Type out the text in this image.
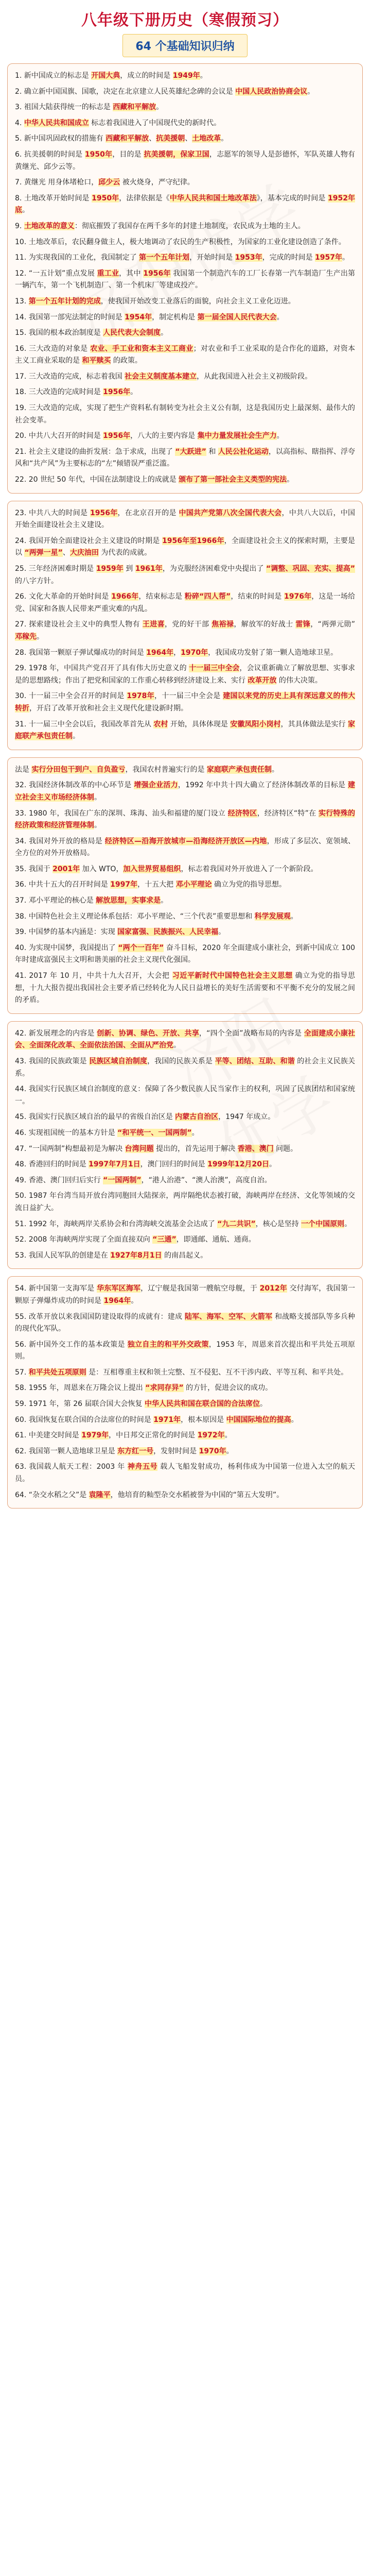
八年级下册历史（寒假预习）
64 个基础知识归纳
1. 新中国成立的标志是 开国大典，成立的时间是 1949年。
2. 确立新中国国旗、国歌，决定在北京建立人民英雄纪念碑的会议是 中国人民政治协商会议。
3. 祖国大陆获得统一的标志是 西藏和平解放。
4. 中华人民共和国成立 标志着我国进入了中国现代史的新时代。
5. 新中国巩固政权的措施有 西藏和平解放、抗美援朝、土地改革。
6. 抗美援朝的时间是 1950年，目的是 抗美援朝，保家卫国，志愿军的领导人是彭德怀，军队英雄人物有黄继光、邱少云等。
7. 黄继光 用身体堵枪口，邱少云 被火烧身，严守纪律。
8. 土地改革开始时间是 1950年，法律依据是《中华人民共和国土地改革法》，基本完成的时间是 1952年底。
9. 土地改革的意义：彻底摧毁了我国存在两千多年的封建土地制度，农民成为土地的主人。
10. 土地改革后，农民翻身做主人，极大地调动了农民的生产积极性，为国家的工业化建设创造了条件。
11. 为实现我国的工业化，我国制定了 第一个五年计划，开始时间是 1953年，完成的时间是 1957年。
12. “一五计划”重点发展 重工业，其中 1956年 我国第一个制造汽车的工厂长春第一汽车制造厂生产出第一辆汽车，第一个飞机制造厂、第一个机床厂等建成投产。
13. 第一个五年计划的完成，使我国开始改变工业落后的面貌，向社会主义工业化迈进。
14. 我国第一部宪法制定的时间是 1954年，制定机构是 第一届全国人民代表大会。
15. 我国的根本政治制度是 人民代表大会制度。
16. 三大改造的对象是 农业、手工业和资本主义工商业；对农业和手工业采取的是合作化的道路，对资本主义工商业采取的是 和平赎买 的政策。
17. 三大改造的完成，标志着我国 社会主义制度基本建立，从此我国进入社会主义初级阶段。
18. 三大改造的完成时间是 1956年。
19. 三大改造的完成，实现了把生产资料私有制转变为社会主义公有制，这是我国历史上最深刻、最伟大的社会变革。
20. 中共八大召开的时间是 1956年，八大的主要内容是 集中力量发展社会生产力。
21. 社会主义建设的曲折发展：急于求成，出现了 “大跃进” 和 人民公社化运动，以高指标、瞎指挥、浮夸风和“共产风”为主要标志的“左”倾错误严重泛滥。
22. 20 世纪 50 年代，中国在法制建设上的成就是 颁布了第一部社会主义类型的宪法。
23. 中共八大的时间是 1956年，在北京召开的是 中国共产党第八次全国代表大会，中共八大以后，中国开始全面建设社会主义建设。
24. 我国开始全面建设社会主义建设的时期是 1956年至1966年，全面建设社会主义的探索时期，主要是以 “两弹一星”、大庆油田 为代表的成就。
25. 三年经济困难时期是 1959年 到 1961年，为克服经济困难党中央提出了 “调整、巩固、充实、提高” 的八字方针。
26. 文化大革命的开始时间是 1966年，结束标志是 粉碎“四人帮”，结束的时间是 1976年，这是一场给党、国家和各族人民带来严重灾难的内乱。
27. 探索建设社会主义中的典型人物有 王进喜，党的好干部 焦裕禄，解放军的好战士 雷锋，“两弹元勋” 邓稼先。
28. 我国第一颗原子弹试爆成功的时间是 1964年，1970年，我国成功发射了第一颗人造地球卫星。
29. 1978 年，中国共产党召开了具有伟大历史意义的 十一届三中全会，会议重新确立了解放思想、实事求是的思想路线；作出了把党和国家的工作重心转移到经济建设上来、实行 改革开放 的伟大决策。
30. 十一届三中全会召开的时间是 1978年，十一届三中全会是 建国以来党的历史上具有深远意义的伟大转折，开启了改革开放和社会主义现代化建设新时期。
31. 十一届三中全会以后，我国改革首先从 农村 开始，具体体现是 安徽凤阳小岗村，其具体做法是实行 家庭联产承包责任制。
法是 实行分田包干到户、自负盈亏，我国农村普遍实行的是 家庭联产承包责任制。
32. 我国经济体制改革的中心环节是 增强企业活力，1992 年中共十四大确立了经济体制改革的目标是 建立社会主义市场经济体制。
33. 1980 年，我国在广东的深圳、珠海、汕头和福建的厦门设立 经济特区，经济特区“特”在 实行特殊的经济政策和经济管理体制。
34. 我国对外开放的格局是 经济特区—沿海开放城市—沿海经济开放区—内地，形成了多层次、宽领域、全方位的对外开放格局。
35. 我国于 2001年 加入 WTO，加入世界贸易组织，标志着我国对外开放进入了一个新阶段。
36. 中共十五大的召开时间是 1997年，十五大把 邓小平理论 确立为党的指导思想。
37. 邓小平理论的核心是 解放思想，实事求是。
38. 中国特色社会主义理论体系包括：邓小平理论、“三个代表”重要思想和 科学发展观。
39. 中国梦的基本内涵是：实现 国家富强、民族振兴、人民幸福。
40. 为实现中国梦，我国提出了 “两个一百年” 奋斗目标，2020 年全面建成小康社会，到新中国成立 100 年时建成富强民主文明和谐美丽的社会主义现代化强国。
41. 2017 年 10 月，中共十九大召开，大会把 习近平新时代中国特色社会主义思想 确立为党的指导思想，十九大报告提出我国社会主要矛盾已经转化为人民日益增长的美好生活需要和不平衡不充分的发展之间的矛盾。
42. 新发展理念的内容是 创新、协调、绿色、开放、共享，“四个全面”战略布局的内容是 全面建成小康社会、全面深化改革、全面依法治国、全面从严治党。
43. 我国的民族政策是 民族区域自治制度，我国的民族关系是 平等、团结、互助、和谐 的社会主义民族关系。
44. 我国实行民族区域自治制度的意义：保障了各少数民族人民当家作主的权利，巩固了民族团结和国家统一。
45. 我国实行民族区域自治的最早的省级自治区是 内蒙古自治区，1947 年成立。
46. 实现祖国统一的基本方针是 “和平统一、一国两制”。
47. “一国两制”构想最初是为解决 台湾问题 提出的，首先运用于解决 香港、澳门 问题。
48. 香港回归的时间是 1997年7月1日，澳门回归的时间是 1999年12月20日。
49. 香港、澳门回归后实行 “一国两制”，“港人治港”、“澳人治澳”，高度自治。
50. 1987 年台湾当局开放台湾同胞回大陆探亲，两岸隔绝状态被打破，海峡两岸在经济、文化等领域的交流日益扩大。
51. 1992 年，海峡两岸关系协会和台湾海峡交流基金会达成了 “九二共识”，核心是坚持 一个中国原则。
52. 2008 年海峡两岸实现了全面直接双向 “三通”，即通邮、通航、通商。
53. 我国人民军队的创建是在 1927年8月1日 的南昌起义。
54. 新中国第一支海军是 华东军区海军，辽宁舰是我国第一艘航空母舰，于 2012年 交付海军，我国第一颗原子弹爆炸成功的时间是 1964年。
55. 改革开放以来我国国防建设取得的成就有：建成 陆军、海军、空军、火箭军 和战略支援部队等多兵种的现代化军队。
56. 新中国外交工作的基本政策是 独立自主的和平外交政策，1953 年，周恩来首次提出和平共处五项原则。
57. 和平共处五项原则 是：互相尊重主权和领土完整、互不侵犯、互不干涉内政、平等互利、和平共处。
58. 1955 年，周恩来在万隆会议上提出 “求同存异” 的方针，促进会议的成功。
59. 1971 年，第 26 届联合国大会恢复 中华人民共和国在联合国的合法席位。
60. 我国恢复在联合国的合法席位的时间是 1971年，根本原因是 中国国际地位的提高。
61. 中美建交时间是 1979年，中日邦交正常化的时间是 1972年。
62. 我国第一颗人造地球卫星是 东方红一号，发射时间是 1970年。
63. 我国载人航天工程：2003 年 神舟五号 载人飞船发射成功，杨利伟成为中国第一位进入太空的航天员。
64. “杂交水稻之父”是 袁隆平，他培育的籼型杂交水稻被誉为中国的“第五大发明”。
